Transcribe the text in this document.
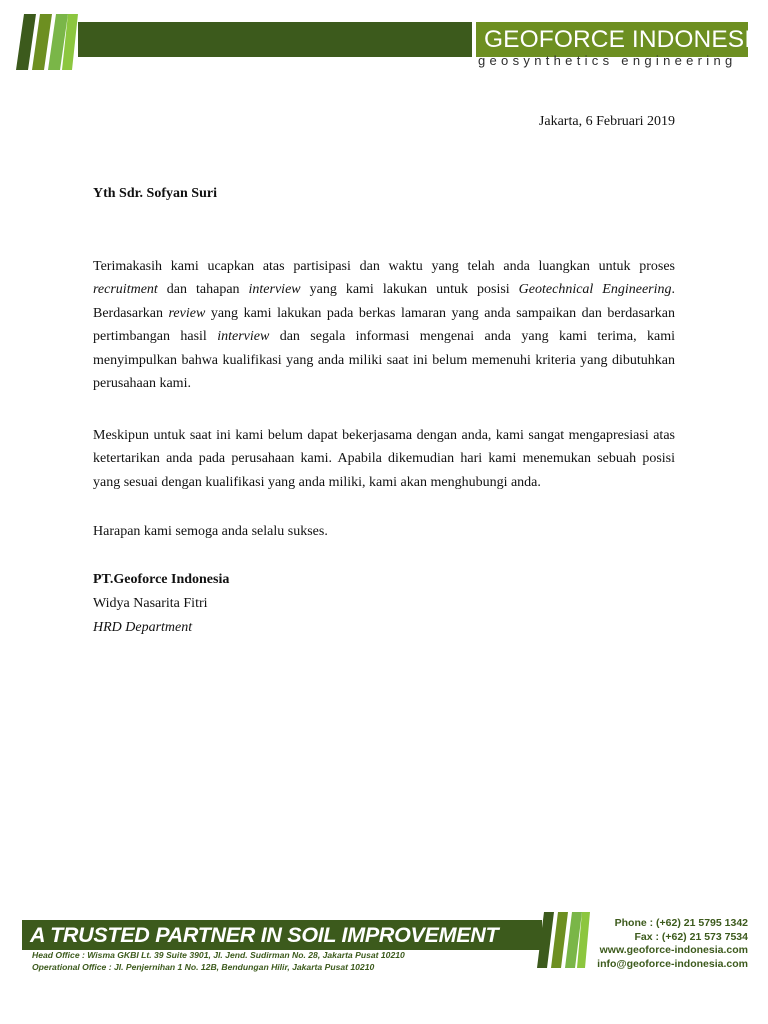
GEOFORCE INDONESIA
geosynthetics engineering
Jakarta, 6 Februari 2019
Yth Sdr. Sofyan Suri

Terimakasih kami ucapkan atas partisipasi dan waktu yang telah anda luangkan untuk proses recruitment dan tahapan interview yang kami lakukan untuk posisi Geotechnical Engineering. Berdasarkan review yang kami lakukan pada berkas lamaran yang anda sampaikan dan berdasarkan pertimbangan hasil interview dan segala informasi mengenai anda yang kami terima, kami menyimpulkan bahwa kualifikasi yang anda miliki saat ini belum memenuhi kriteria yang dibutuhkan perusahaan kami.

Meskipun untuk saat ini kami belum dapat bekerjasama dengan anda, kami sangat mengapresiasi atas ketertarikan anda pada perusahaan kami. Apabila dikemudian hari kami menemukan sebuah posisi yang sesuai dengan kualifikasi yang anda miliki, kami akan menghubungi anda.

Harapan kami semoga anda selalu sukses.

PT.Geoforce Indonesia
Widya Nasarita Fitri
HRD Department
A TRUSTED PARTNER IN SOIL IMPROVEMENT
Head Office : Wisma GKBI Lt. 39 Suite 3901, Jl. Jend. Sudirman No. 28, Jakarta Pusat 10210
Operational Office : Jl. Penjernihan 1 No. 12B, Bendungan Hilir, Jakarta Pusat 10210
Phone : (+62) 21 5795 1342
Fax : (+62) 21 573 7534
www.geoforce-indonesia.com
info@geoforce-indonesia.com
